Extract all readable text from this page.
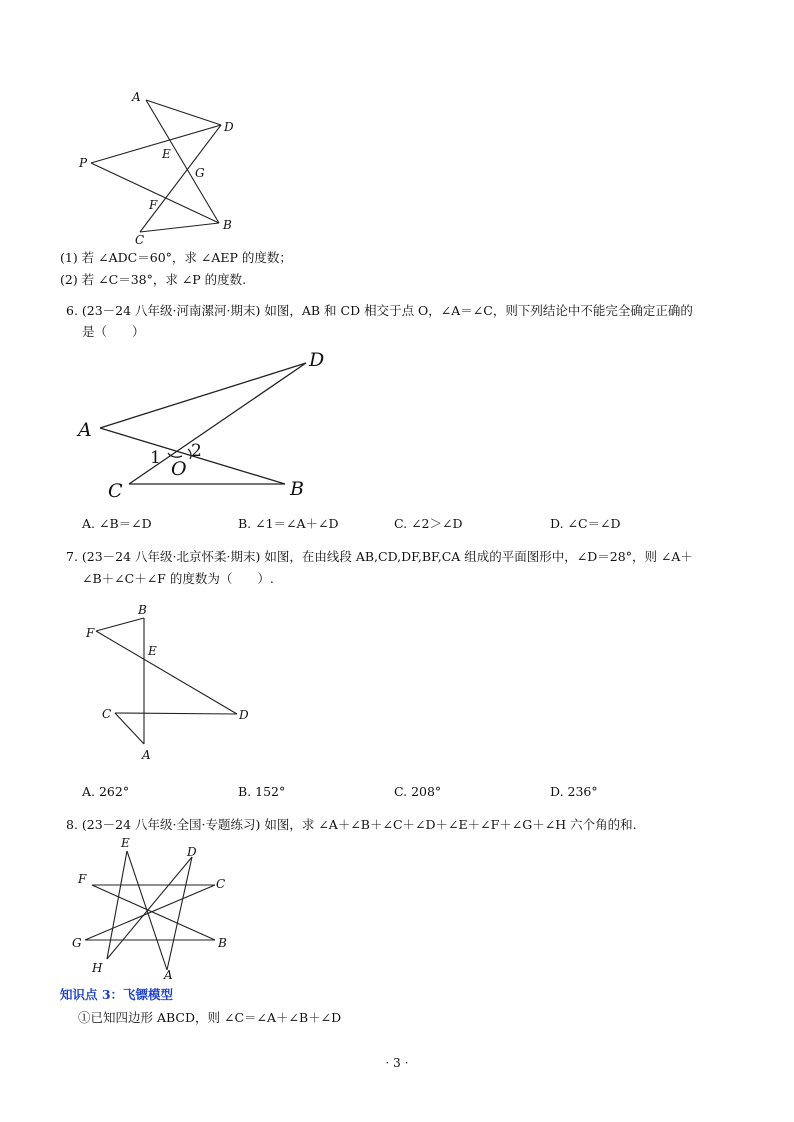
A
D
P
E
G
F
B
C
(1) 若 ∠ADC＝60°，求 ∠AEP 的度数；
(2) 若 ∠C＝38°，求 ∠P 的度数.
6. (23－24 八年级·河南漯河·期末) 如图，AB 和 CD 相交于点 O，∠A＝∠C，则下列结论中不能完全确定正确的
是（　　）
D
A
1 2
O
C	B
A. ∠B＝∠D	B. ∠1＝∠A＋∠D	C. ∠2＞∠D	D. ∠C＝∠D
7. (23－24 八年级·北京怀柔·期末) 如图，在由线段 AB,CD,DF,BF,CA 组成的平面图形中，∠D＝28°，则 ∠A＋
∠B＋∠C＋∠F 的度数为（　　）.
B
F
E
C	D
A
A. 262°	B. 152°	C. 208°	D. 236°
8. (23－24 八年级·全国·专题练习) 如图，求 ∠A＋∠B＋∠C＋∠D＋∠E＋∠F＋∠G＋∠H 六个角的和.
E
D
F	C
G	B
H	A
知识点 3：飞镖模型
①已知四边形 ABCD，则 ∠C＝∠A＋∠B＋∠D
· 3 ·
